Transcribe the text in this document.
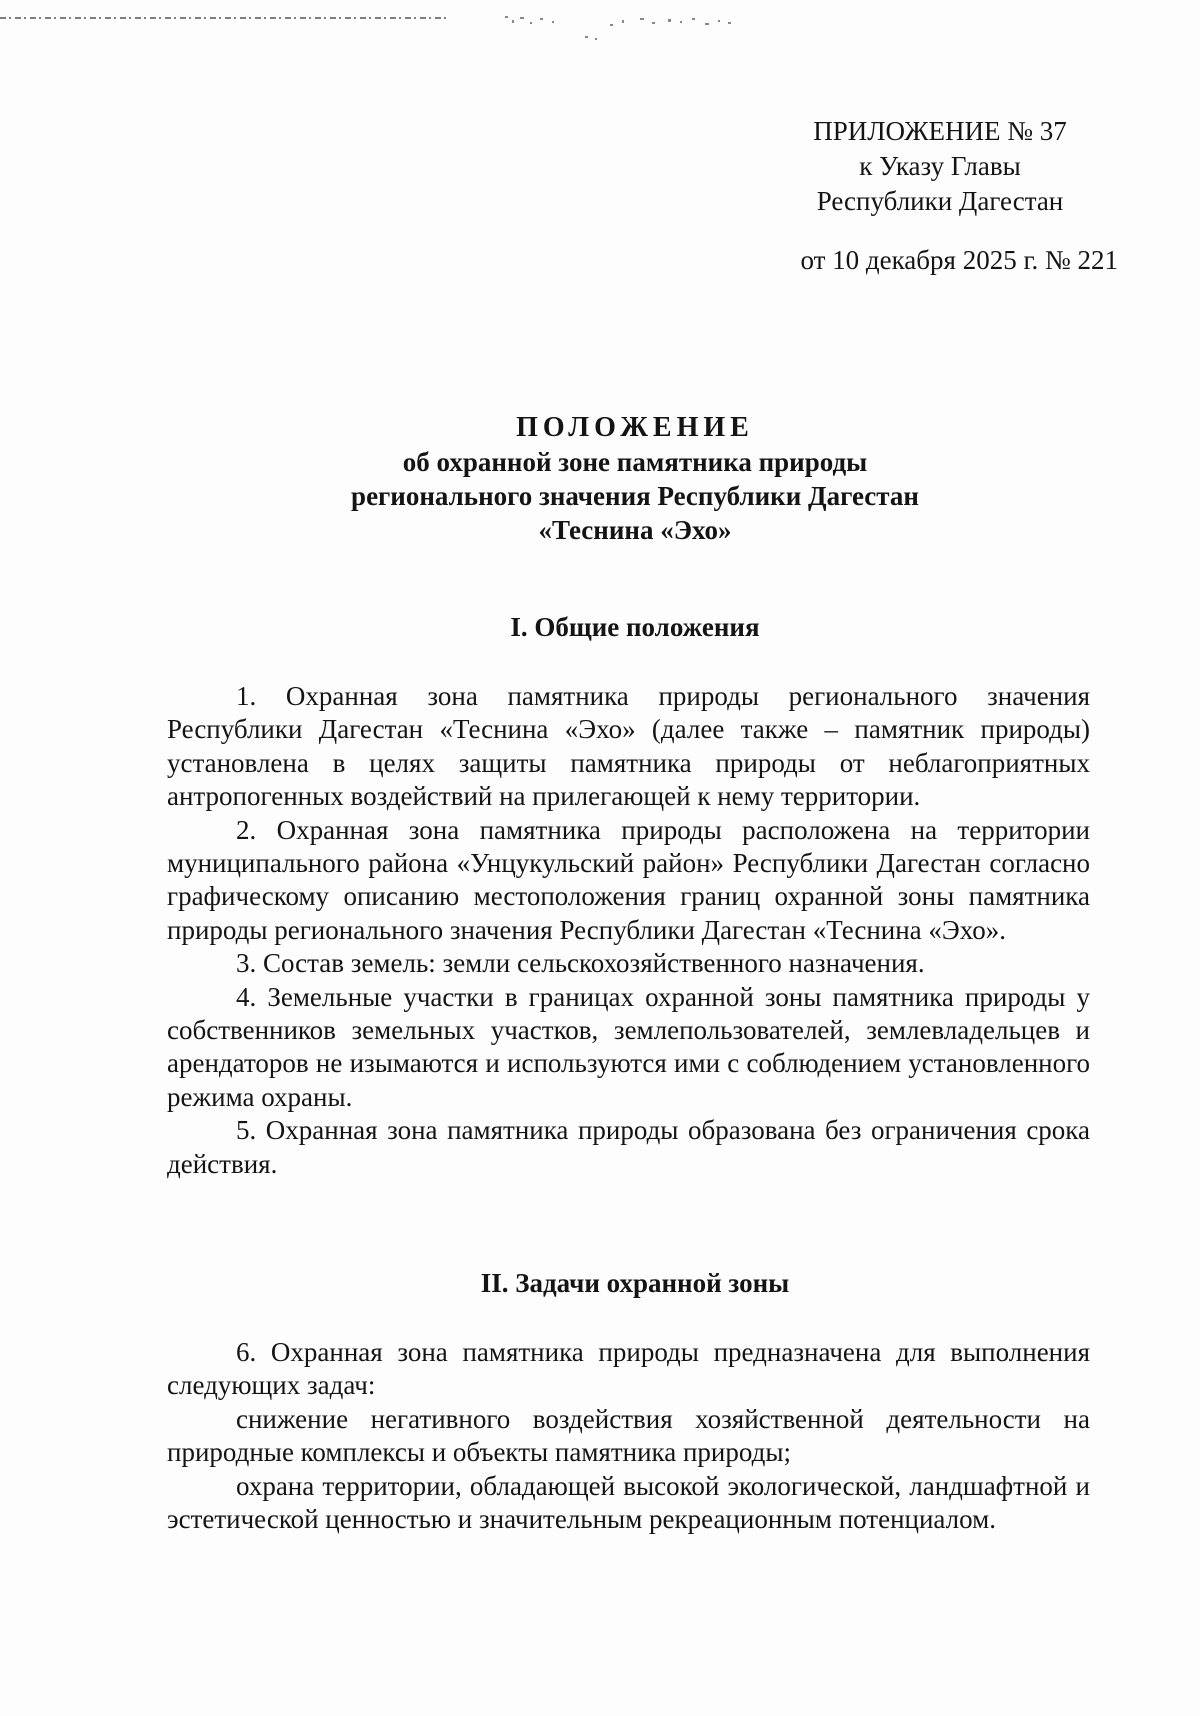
ПРИЛОЖЕНИЕ № 37
к Указу Главы
Республики Дагестан
от 10 декабря 2025 г. № 221
ПОЛОЖЕНИЕ
об охранной зоне памятника природы
регионального значения Республики Дагестан
«Теснина «Эхо»
I. Общие положения

1. Охранная зона памятника природы регионального значения Республики Дагестан «Теснина «Эхо» (далее также – памятник природы) установлена в целях защиты памятника природы от неблагоприятных антропогенных воздействий на прилегающей к нему территории.

2. Охранная зона памятника природы расположена на территории муниципального района «Унцукульский район» Республики Дагестан согласно графическому описанию местоположения границ охранной зоны памятника природы регионального значения Республики Дагестан «Теснина «Эхо».

3. Состав земель: земли сельскохозяйственного назначения.

4. Земельные участки в границах охранной зоны памятника природы у собственников земельных участков, землепользователей, землевладельцев и арендаторов не изымаются и используются ими с соблюдением установленного режима охраны.

5. Охранная зона памятника природы образована без ограничения срока действия.

II. Задачи охранной зоны

6. Охранная зона памятника природы предназначена для выполнения следующих задач:

снижение негативного воздействия хозяйственной деятельности на природные комплексы и объекты памятника природы;

охрана территории, обладающей высокой экологической, ландшафтной и эстетической ценностью и значительным рекреационным потенциалом.
